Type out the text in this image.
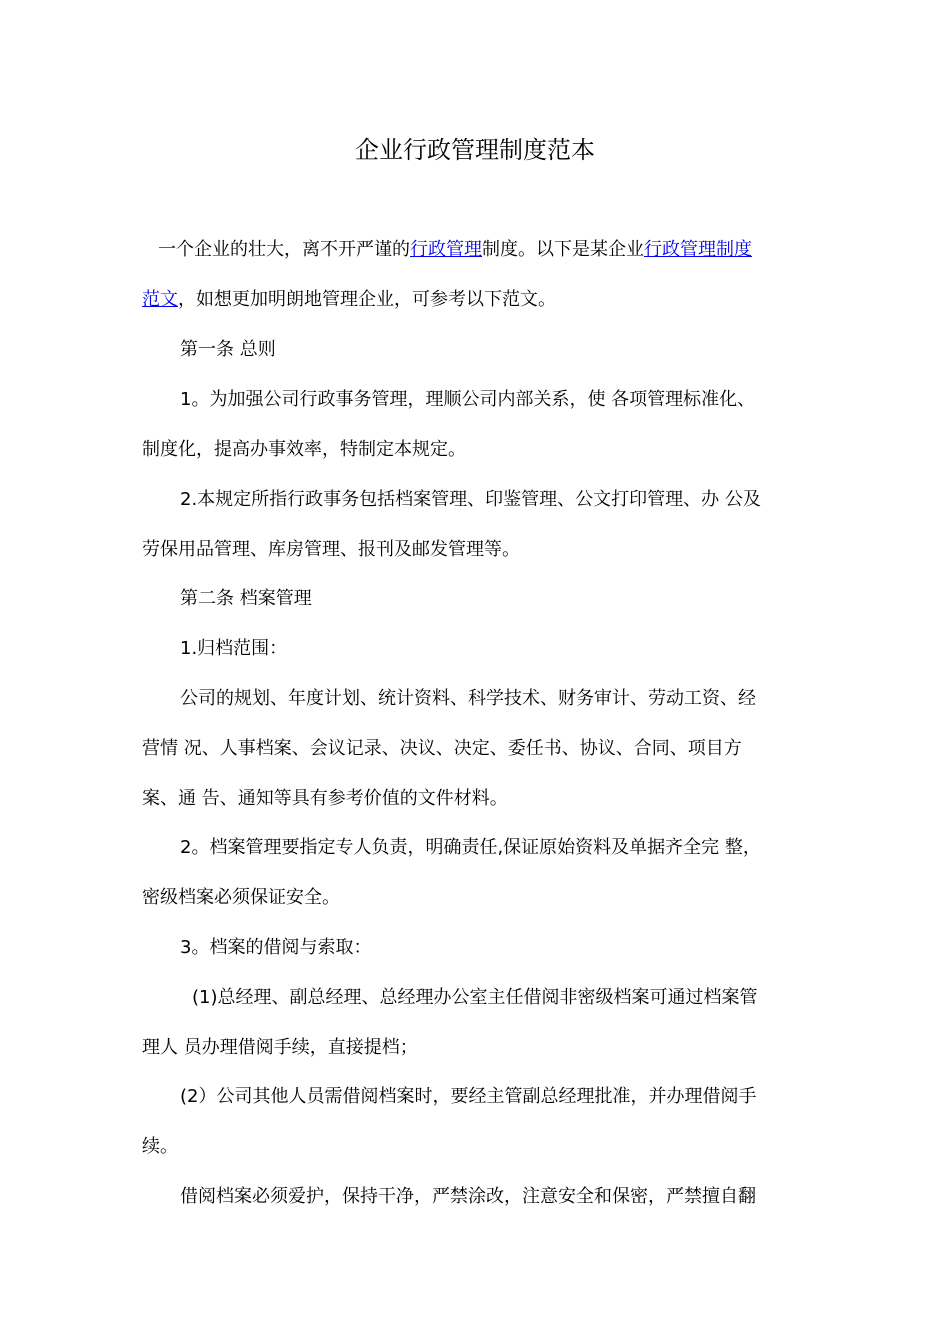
企业行政管理制度范本
一个企业的壮大，离不开严谨的行政管理制度。以下是某企业行政管理制度
范文，如想更加明朗地管理企业，可参考以下范文。
第一条 总则
1。为加强公司行政事务管理，理顺公司内部关系，使 各项管理标准化、
制度化，提高办事效率，特制定本规定。
2.本规定所指行政事务包括档案管理、印鉴管理、公文打印管理、办 公及
劳保用品管理、库房管理、报刊及邮发管理等。
第二条 档案管理
1.归档范围：
公司的规划、年度计划、统计资料、科学技术、财务审计、劳动工资、经
营情 况、人事档案、会议记录、决议、决定、委任书、协议、合同、项目方
案、通 告、通知等具有参考价值的文件材料。
2。档案管理要指定专人负责，明确责任,保证原始资料及单据齐全完 整，
密级档案必须保证安全。
3。档案的借阅与索取：
(1)总经理、副总经理、总经理办公室主任借阅非密级档案可通过档案管
理人 员办理借阅手续，直接提档；
(2）公司其他人员需借阅档案时，要经主管副总经理批准，并办理借阅手
续。
借阅档案必须爱护，保持干净，严禁涂改，注意安全和保密，严禁擅自翻
